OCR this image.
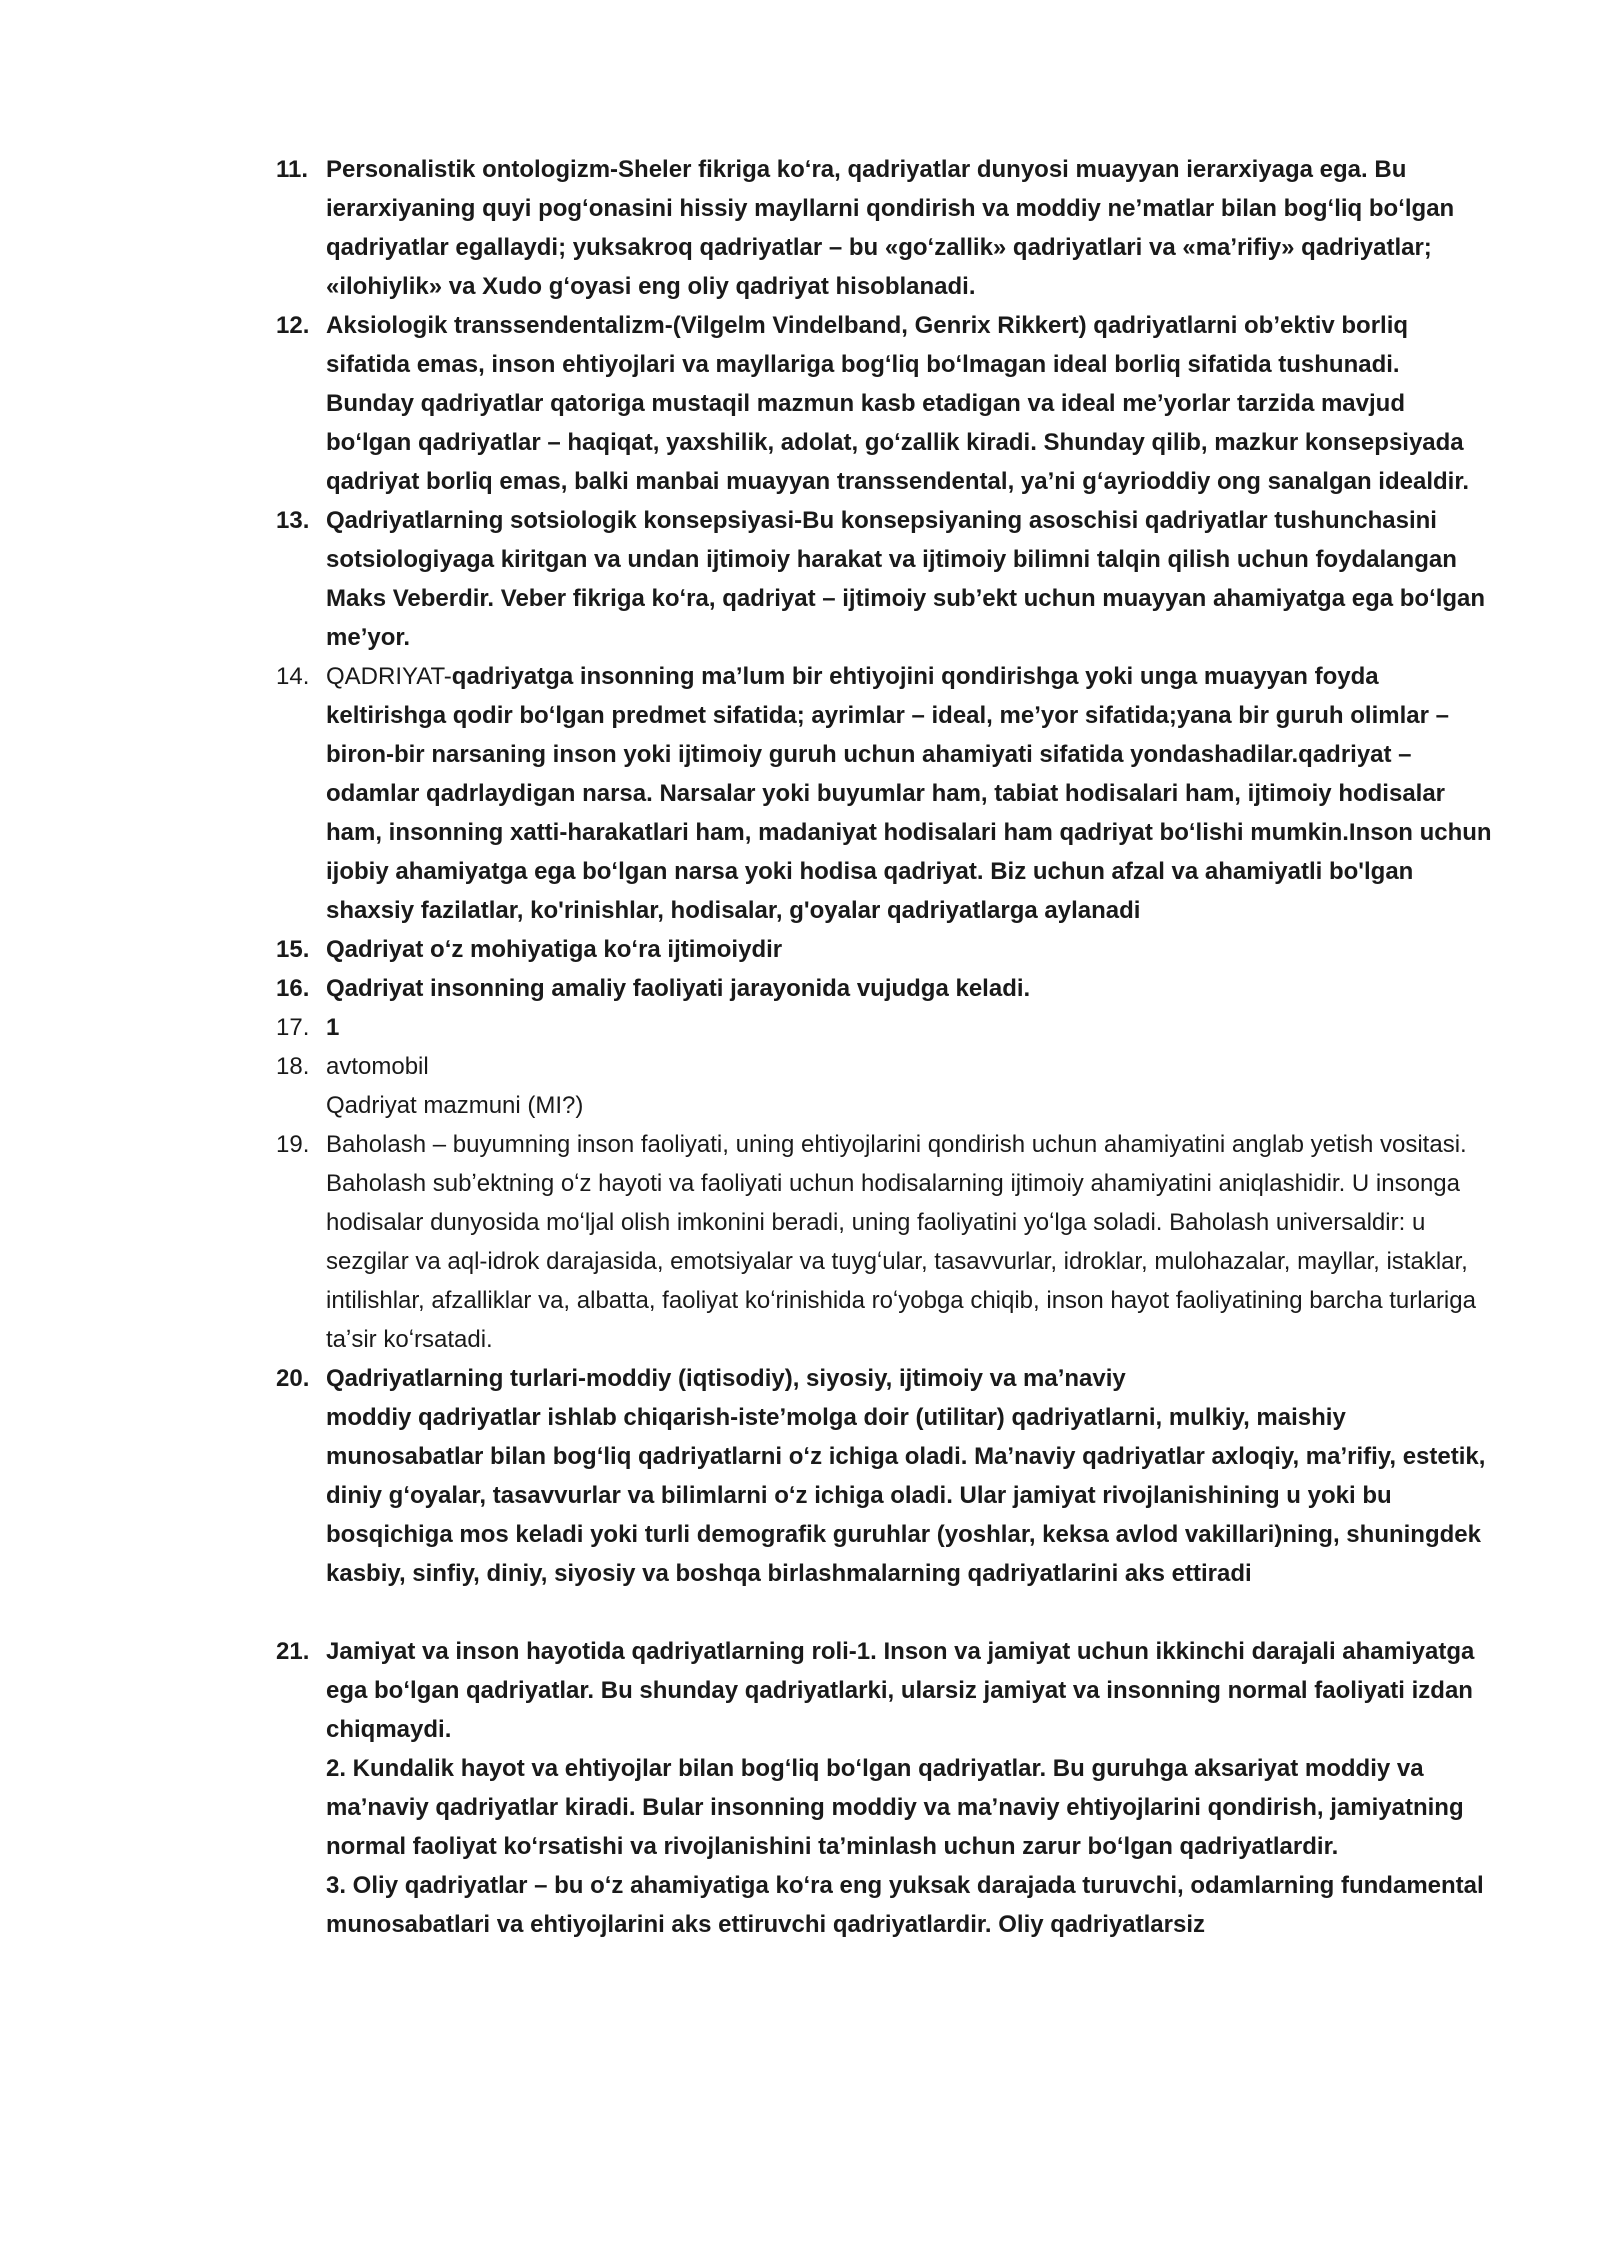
11. Personalistik ontologizm-Sheler fikriga koʻra, qadriyatlar dunyosi muayyan ierarxiyaga ega. Bu ierarxiyaning quyi pogʻonasini hissiy mayllarni qondirish va moddiy neʼmatlar bilan bogʻliq boʻlgan qadriyatlar egallaydi; yuksakroq qadriyatlar – bu «goʻzallik» qadriyatlari va «maʼrifiy» qadriyatlar; «ilohiylik» va Xudo gʻoyasi eng oliy qadriyat hisoblanadi.
12. Aksiologik transsendentalizm-(Vilgelm Vindelband, Genrix Rikkert) qadriyatlarni obʼektiv borliq sifatida emas, inson ehtiyojlari va mayllariga bogʻliq boʻlmagan ideal borliq sifatida tushunadi. Bunday qadriyatlar qatoriga mustaqil mazmun kasb etadigan va ideal meʼyorlar tarzida mavjud boʻlgan qadriyatlar – haqiqat, yaxshilik, adolat, goʻzallik kiradi. Shunday qilib, mazkur konsepsiyada qadriyat borliq emas, balki manbai muayyan transsendental, yaʼni gʻayrioddiy ong sanalgan idealdir.
13. Qadriyatlarning sotsiologik konsepsiyasi-Bu konsepsiyaning asoschisi qadriyatlar tushunchasini sotsiologiyaga kiritgan va undan ijtimoiy harakat va ijtimoiy bilimni talqin qilish uchun foydalangan Maks Veberdir. Veber fikriga koʻra, qadriyat – ijtimoiy subʼekt uchun muayyan ahamiyatga ega boʻlgan meʼyor.
14. QADRIYAT-qadriyatga insonning maʼlum bir ehtiyojini qondirishga yoki unga muayyan foyda keltirishga qodir boʻlgan predmet sifatida; ayrimlar – ideal, meʼyor sifatida;yana bir guruh olimlar – biron-bir narsaning inson yoki ijtimoiy guruh uchun ahamiyati sifatida yondashadilar.qadriyat – odamlar qadrlaydigan narsa. Narsalar yoki buyumlar ham, tabiat hodisalari ham, ijtimoiy hodisalar ham, insonning xatti-harakatlari ham, madaniyat hodisalari ham qadriyat boʻlishi mumkin.Inson uchun ijobiy ahamiyatga ega boʻlgan narsa yoki hodisa qadriyat. Biz uchun afzal va ahamiyatli bo'lgan shaxsiy fazilatlar, ko'rinishlar, hodisalar, g'oyalar qadriyatlarga aylanadi
15. Qadriyat oʻz mohiyatiga koʻra ijtimoiydir
16. Qadriyat insonning amaliy faoliyati jarayonida vujudga keladi.
17. 1
18. avtomobil
Qadriyat mazmuni (MI?)
19. Baholash – buyumning inson faoliyati, uning ehtiyojlarini qondirish uchun ahamiyatini anglab yetish vositasi. Baholash subʼektning oʻz hayoti va faoliyati uchun hodisalarning ijtimoiy ahamiyatini aniqlashidir. U insonga hodisalar dunyosida moʻljal olish imkonini beradi, uning faoliyatini yoʻlga soladi. Baholash universaldir: u sezgilar va aql-idrok darajasida, emotsiyalar va tuygʻular, tasavvurlar, idroklar, mulohazalar, mayllar, istaklar, intilishlar, afzalliklar va, albatta, faoliyat koʻrinishida roʻyobga chiqib, inson hayot faoliyatining barcha turlariga taʼsir koʻrsatadi.
20. Qadriyatlarning turlari-moddiy (iqtisodiy), siyosiy, ijtimoiy va maʼnaviy
moddiy qadriyatlar ishlab chiqarish-isteʼmolga doir (utilitar) qadriyatlarni, mulkiy, maishiy munosabatlar bilan bogʻliq qadriyatlarni oʻz ichiga oladi. Maʼnaviy qadriyatlar axloqiy, maʼrifiy, estetik, diniy gʻoyalar, tasavvurlar va bilimlarni oʻz ichiga oladi. Ular jamiyat rivojlanishining u yoki bu bosqichiga mos keladi yoki turli demografik guruhlar (yoshlar, keksa avlod vakillari)ning, shuningdek kasbiy, sinfiy, diniy, siyosiy va boshqa birlashmalarning qadriyatlarini aks ettiradi
21. Jamiyat va inson hayotida qadriyatlarning roli-1. Inson va jamiyat uchun ikkinchi darajali ahamiyatga ega boʻlgan qadriyatlar. Bu shunday qadriyatlarki, ularsiz jamiyat va insonning normal faoliyati izdan chiqmaydi.
2. Kundalik hayot va ehtiyojlar bilan bogʻliq boʻlgan qadriyatlar. Bu guruhga aksariyat moddiy va maʼnaviy qadriyatlar kiradi. Bular insonning moddiy va maʼnaviy ehtiyojlarini qondirish, jamiyatning normal faoliyat koʻrsatishi va rivojlanishini taʼminlash uchun zarur boʻlgan qadriyatlardir.
3. Oliy qadriyatlar – bu oʻz ahamiyatiga koʻra eng yuksak darajada turuvchi, odamlarning fundamental munosabatlari va ehtiyojlarini aks ettiruvchi qadriyatlardir. Oliy qadriyatlarsiz
